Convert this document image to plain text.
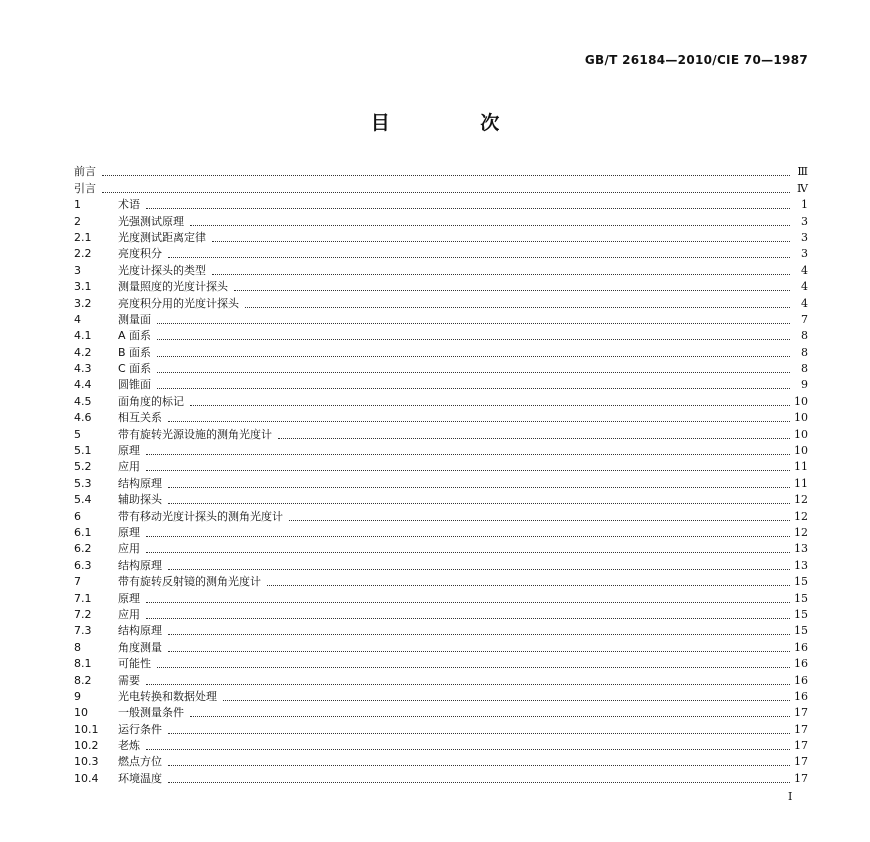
GB/T 26184—2010/CIE 70—1987
目 次
前言	Ⅲ
引言	Ⅳ
1	术语	1
2	光强测试原理	3
2.1	光度测试距离定律	3
2.2	亮度积分	3
3	光度计探头的类型	4
3.1	测量照度的光度计探头	4
3.2	亮度积分用的光度计探头	4
4	测量面	7
4.1	A 面系	8
4.2	B 面系	8
4.3	C 面系	8
4.4	圆锥面	9
4.5	面角度的标记	10
4.6	相互关系	10
5	带有旋转光源设施的测角光度计	10
5.1	原理	10
5.2	应用	11
5.3	结构原理	11
5.4	辅助探头	12
6	带有移动光度计探头的测角光度计	12
6.1	原理	12
6.2	应用	13
6.3	结构原理	13
7	带有旋转反射镜的测角光度计	15
7.1	原理	15
7.2	应用	15
7.3	结构原理	15
8	角度测量	16
8.1	可能性	16
8.2	需要	16
9	光电转换和数据处理	16
10	一般测量条件	17
10.1	运行条件	17
10.2	老炼	17
10.3	燃点方位	17
10.4	环境温度	17
I
